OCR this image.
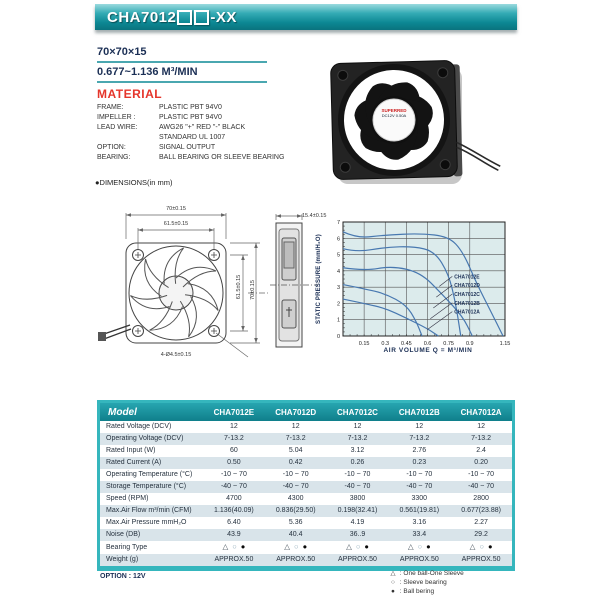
CHA7012 -XX
70×70×15
0.677~1.136 M³/MIN
MATERIAL
FRAME:	PLASTIC PBT 94V0
IMPELLER :	PLASTIC PBT 94V0
LEAD WIRE:	AWG26 "+" RED "-" BLACK
STANDARD UL 1007
OPTION:	SIGNAL OUTPUT
BEARING:	BALL BEARING OR SLEEVE BEARING
SUPERRED
DC12V 0.50A
●DIMENSIONS(in mm)
70±0.15
61.5±0.15
61.5±0.15 70±0.15
4-Ø4.5±0.15
15.4±0.15
0.15 0.3 0.45 0.6 0.75 0.9	1.15
0
1
2
3
4
5
6
7
CHA7012E
CHA7012D
CHA7012C
CHA7012B
CHA7012A
STATIC PRESSURE (mm/H₂O)
AIR VOLUME Q = M³/MIN
Model	CHA7012E	CHA7012D	CHA7012C	CHA7012B	CHA7012A
Rated Voltage (DCV)	12	12	12	12	12
Operating Voltage (DCV)	7-13.2	7-13.2	7-13.2	7-13.2	7-13.2
Rated Input (W)	60	5.04	3.12	2.76	2.4
Rated Current (A)	0.50	0.42	0.26	0.23	0.20
Operating Temperature (°C)	-10 ~ 70	-10 ~ 70	-10 ~ 70	-10 ~ 70	-10 ~ 70
Storage Temperature (°C)	-40 ~ 70	-40 ~ 70	-40 ~ 70	-40 ~ 70	-40 ~ 70
Speed (RPM)	4700	4300	3800	3300	2800
Max.Air Flow m³/min (CFM)	1.136(40.09)	0.836(29.50)	0.198(32.41)	0.561(19.81)	0.677(23.88)
Max.Air Pressure mmH₂O	6.40	5.36	4.19	3.16	2.27
Noise (DB)	43.9	40.4	36..9	33.4	29.2
Bearing Type	△ ○ ●	△ ○ ●	△ ○ ●	△ ○ ●	△ ○ ●
Weight (g)	APPROX.50	APPROX.50	APPROX.50	APPROX.50	APPROX.50
OPTION : 12V	△ : One ball-One Sleeve
○ : Sleeve bearing
● : Ball bering
